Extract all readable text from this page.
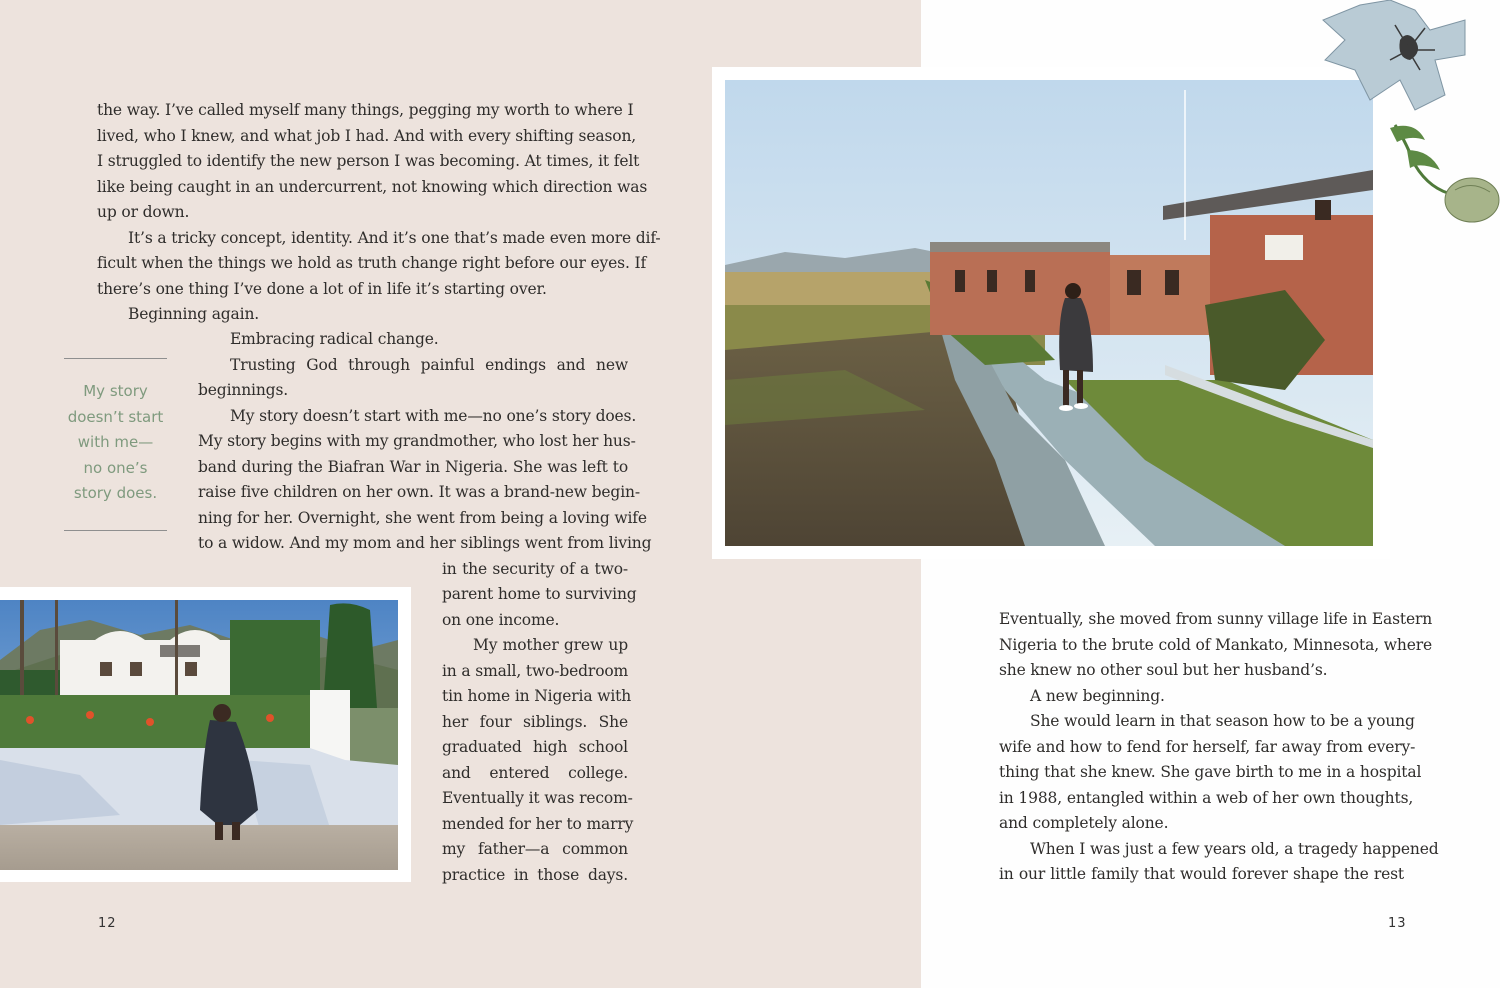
the way. I’ve called myself many things, pegging my worth to where I
lived, who I knew, and what job I had. And with every shifting season,
I struggled to identify the new person I was becoming. At times, it felt
like being caught in an undercurrent, not knowing which direction was
up or down.
It’s a tricky concept, identity. And it’s one that’s made even more dif-
ficult when the things we hold as truth change right before our eyes. If
there’s one thing I’ve done a lot of in life it’s starting over.
Beginning again.
My story
doesn’t start
with me—
no one’s
story does.
Embracing radical change.
Trusting God through painful endings and new
beginnings.
My story doesn’t start with me—no one’s story does.
My story begins with my grandmother, who lost her hus-
band during the Biafran War in Nigeria. She was left to
raise five children on her own. It was a brand-new begin-
ning for her. Overnight, she went from being a loving wife
to a widow. And my mom and her siblings went from living
in the security of a two-
parent home to surviving
on one income.
My mother grew up
in a small, two-bedroom
tin home in Nigeria with
her four siblings. She
graduated high school
and entered college.
Eventually it was recom-
mended for her to marry
my father—a common
practice in those days.
12
Eventually, she moved from sunny village life in Eastern
Nigeria to the brute cold of Mankato, Minnesota, where
she knew no other soul but her husband’s.
A new beginning.
She would learn in that season how to be a young
wife and how to fend for herself, far away from every-
thing that she knew. She gave birth to me in a hospital
in 1988, entangled within a web of her own thoughts,
and completely alone.
When I was just a few years old, a tragedy happened
in our little family that would forever shape the rest
13
